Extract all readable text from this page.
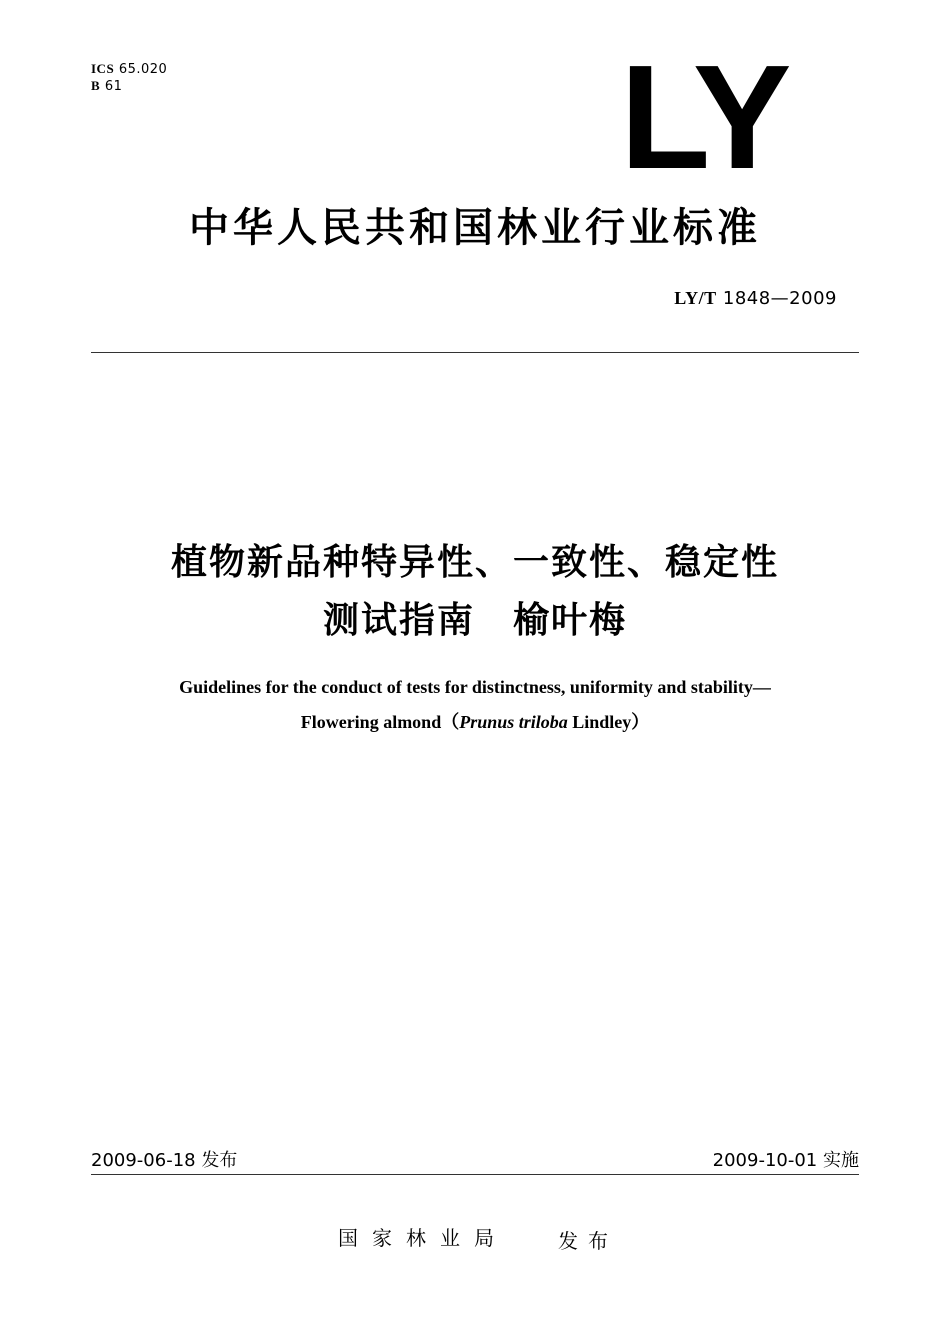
ICS 65.020
B 61	LY
中华人民共和国林业行业标准
LY/T 1848—2009
植物新品种特异性、一致性、稳定性
测试指南　榆叶梅
Guidelines for the conduct of tests for distinctness, uniformity and stability—
Flowering almond（Prunus triloba Lindley）
2009-06-18 发布	2009-10-01 实施
国家林业局	发布
